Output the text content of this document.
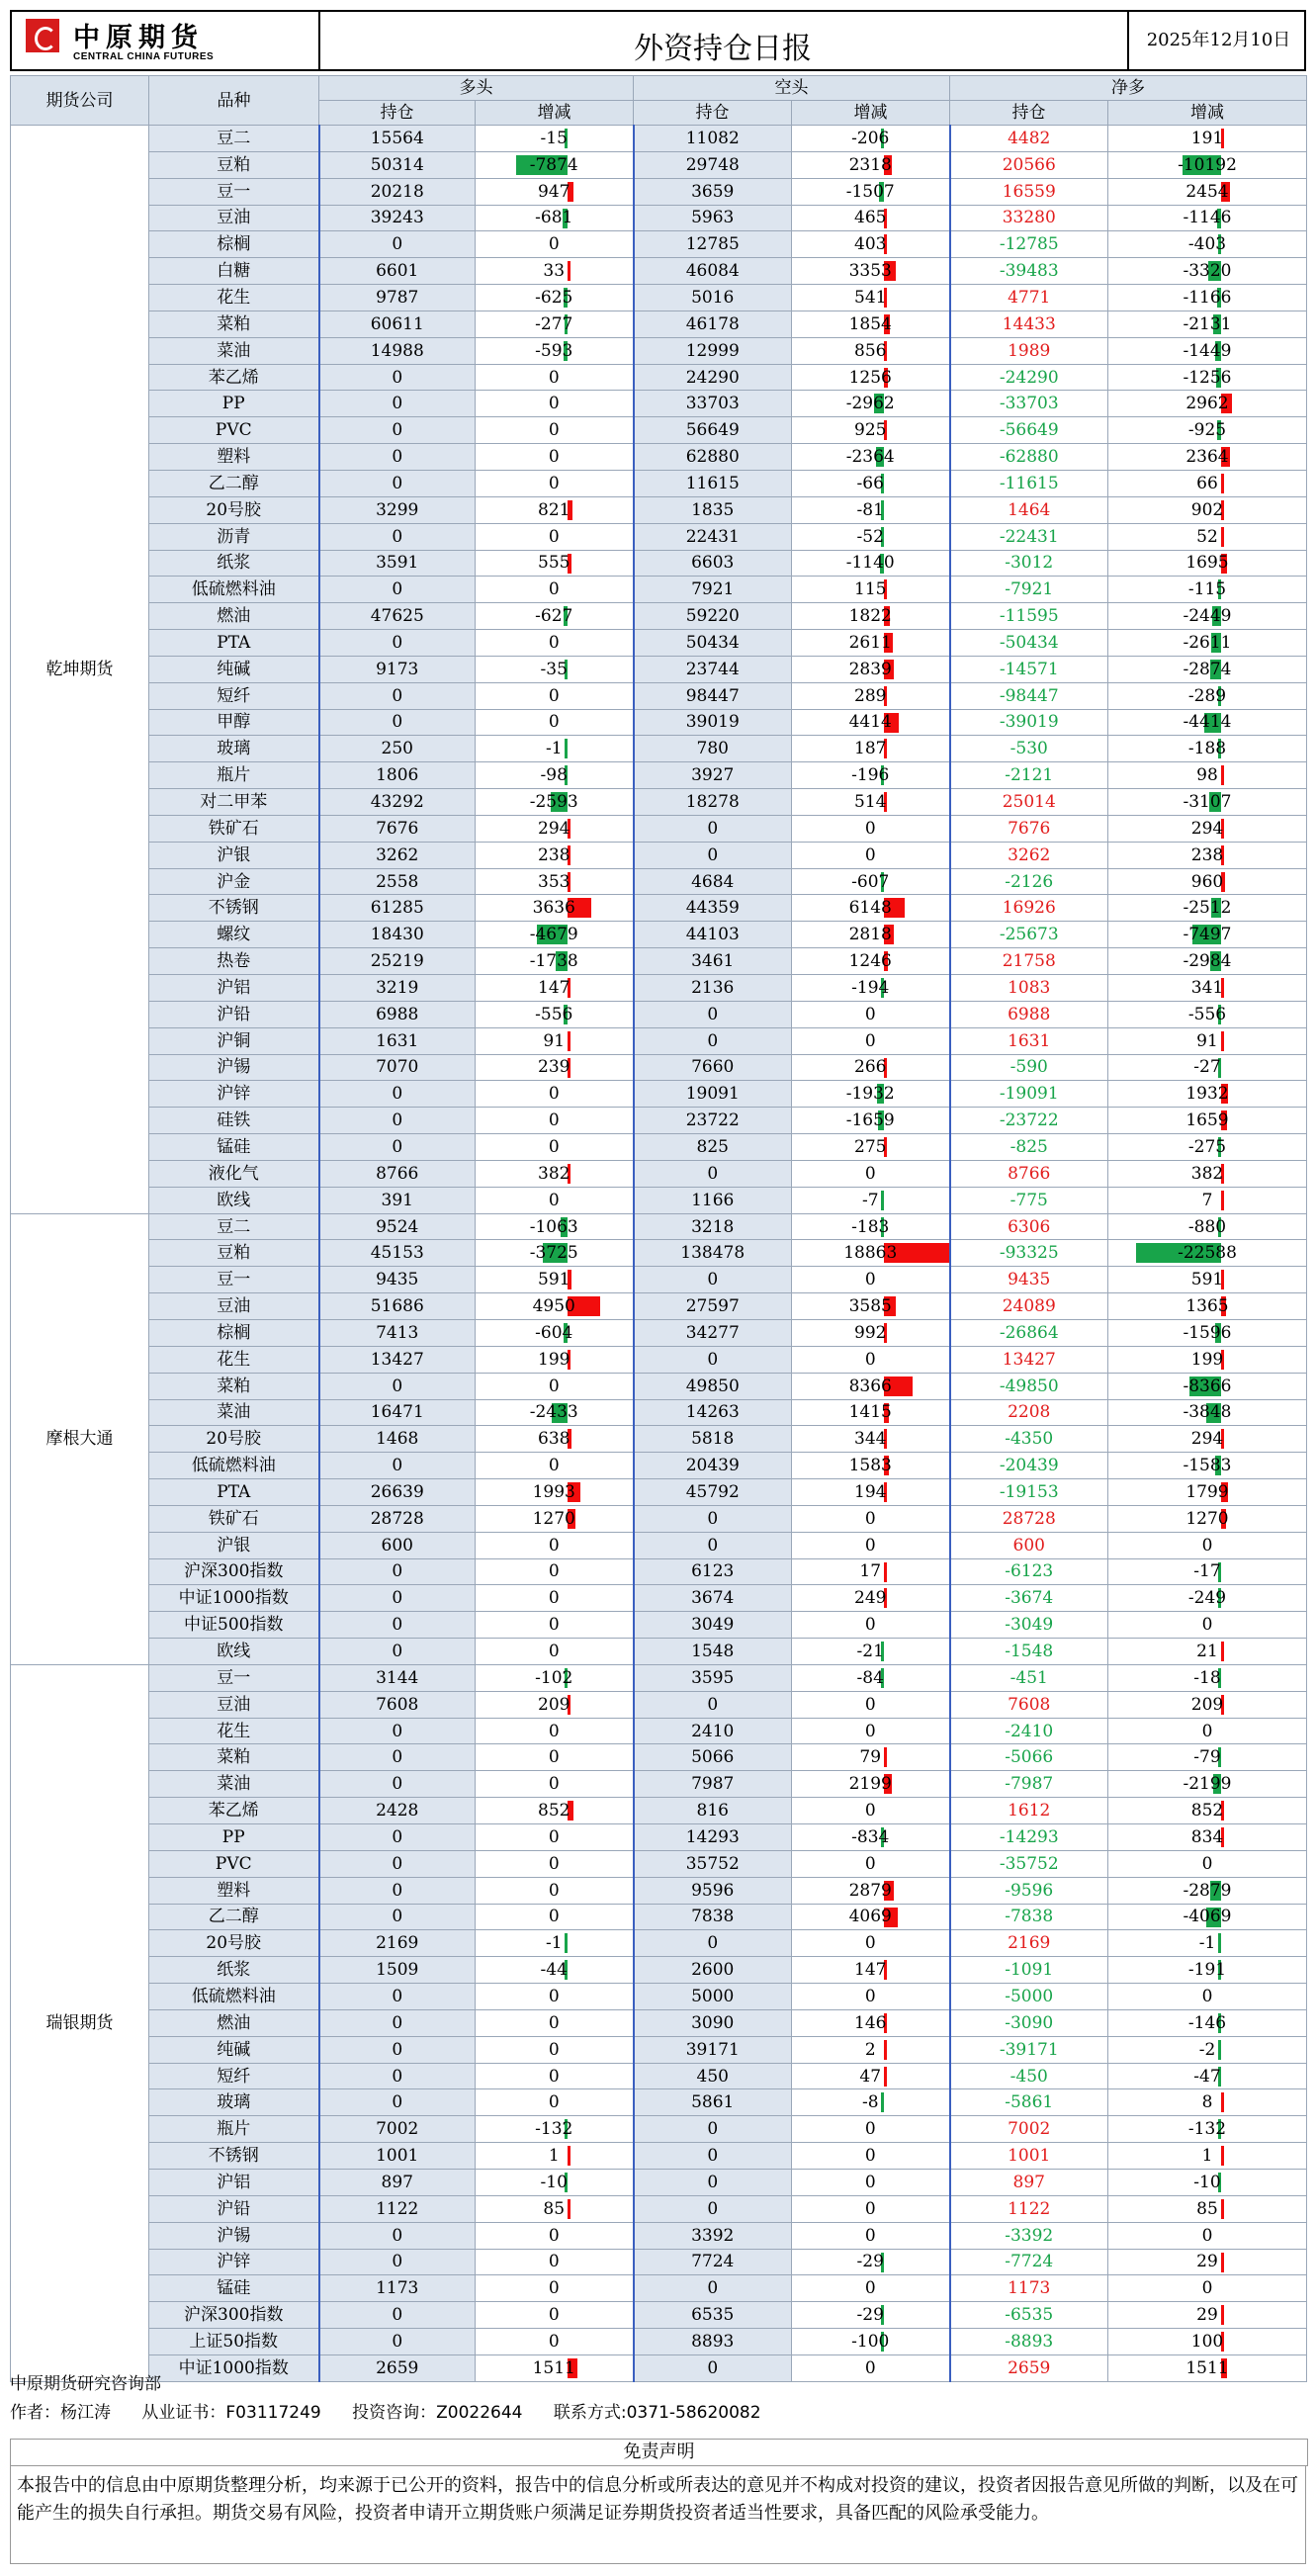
中原期货
CENTRAL CHINA FUTURES	外资持仓日报	2025年12月10日
期货公司	品种	多头		空头		净多	
		持仓	增减	持仓	增减	持仓	增减
乾坤期货	豆二	15564	-15	11082	-206	4482	191
	豆粕	50314	-7874	29748	2318	20566	-10192
	豆一	20218	947	3659	-1507	16559	2454
	豆油	39243	-681	5963	465	33280	-1146
	棕榈	0	0	12785	403	-12785	-403
	白糖	6601	33	46084	3353	-39483	-3320
	花生	9787	-625	5016	541	4771	-1166
	菜粕	60611	-277	46178	1854	14433	-2131
	菜油	14988	-593	12999	856	1989	-1449
	苯乙烯	0	0	24290	1256	-24290	-1256
	PP	0	0	33703	-2962	-33703	2962
	PVC	0	0	56649	925	-56649	-925
	塑料	0	0	62880	-2364	-62880	2364
	乙二醇	0	0	11615	-66	-11615	66
	20号胶	3299	821	1835	-81	1464	902
	沥青	0	0	22431	-52	-22431	52
	纸浆	3591	555	6603	-1140	-3012	1695
	低硫燃料油	0	0	7921	115	-7921	-115
	燃油	47625	-627	59220	1822	-11595	-2449
	PTA	0	0	50434	2611	-50434	-2611
	纯碱	9173	-35	23744	2839	-14571	-2874
	短纤	0	0	98447	289	-98447	-289
	甲醇	0	0	39019	4414	-39019	-4414
	玻璃	250	-1	780	187	-530	-188
	瓶片	1806	-98	3927	-196	-2121	98
	对二甲苯	43292	-2593	18278	514	25014	-3107
	铁矿石	7676	294	0	0	7676	294
	沪银	3262	238	0	0	3262	238
	沪金	2558	353	4684	-607	-2126	960
	不锈钢	61285	3636	44359	6148	16926	-2512
	螺纹	18430	-4679	44103	2818	-25673	-7497
	热卷	25219	-1738	3461	1246	21758	-2984
	沪铝	3219	147	2136	-194	1083	341
	沪铅	6988	-556	0	0	6988	-556
	沪铜	1631	91	0	0	1631	91
	沪锡	7070	239	7660	266	-590	-27
	沪锌	0	0	19091	-1932	-19091	1932
	硅铁	0	0	23722	-1659	-23722	1659
	锰硅	0	0	825	275	-825	-275
	液化气	8766	382	0	0	8766	382
	欧线	391	0	1166	-7	-775	7
摩根大通	豆二	9524	-1063	3218	-183	6306	-880
	豆粕	45153	-3725	138478	18863	-93325	-22588
	豆一	9435	591	0	0	9435	591
	豆油	51686	4950	27597	3585	24089	1365
	棕榈	7413	-604	34277	992	-26864	-1596
	花生	13427	199	0	0	13427	199
	菜粕	0	0	49850	8366	-49850	-8366
	菜油	16471	-2433	14263	1415	2208	-3848
	20号胶	1468	638	5818	344	-4350	294
	低硫燃料油	0	0	20439	1583	-20439	-1583
	PTA	26639	1993	45792	194	-19153	1799
	铁矿石	28728	1270	0	0	28728	1270
	沪银	600	0	0	0	600	0
	沪深300指数	0	0	6123	17	-6123	-17
	中证1000指数	0	0	3674	249	-3674	-249
	中证500指数	0	0	3049	0	-3049	0
	欧线	0	0	1548	-21	-1548	21
瑞银期货	豆一	3144	-102	3595	-84	-451	-18
	豆油	7608	209	0	0	7608	209
	花生	0	0	2410	0	-2410	0
	菜粕	0	0	5066	79	-5066	-79
	菜油	0	0	7987	2199	-7987	-2199
	苯乙烯	2428	852	816	0	1612	852
	PP	0	0	14293	-834	-14293	834
	PVC	0	0	35752	0	-35752	0
	塑料	0	0	9596	2879	-9596	-2879
	乙二醇	0	0	7838	4069	-7838	-4069
	20号胶	2169	-1	0	0	2169	-1
	纸浆	1509	-44	2600	147	-1091	-191
	低硫燃料油	0	0	5000	0	-5000	0
	燃油	0	0	3090	146	-3090	-146
	纯碱	0	0	39171	2	-39171	-2
	短纤	0	0	450	47	-450	-47
	玻璃	0	0	5861	-8	-5861	8
	瓶片	7002	-132	0	0	7002	-132
	不锈钢	1001	1	0	0	1001	1
	沪铝	897	-10	0	0	897	-10
	沪铅	1122	85	0	0	1122	85
	沪锡	0	0	3392	0	-3392	0
	沪锌	0	0	7724	-29	-7724	29
	锰硅	1173	0	0	0	1173	0
	沪深300指数	0	0	6535	-29	-6535	29
	上证50指数	0	0	8893	-100	-8893	100
	中证1000指数	2659	1511	0	0	2659	1511
中原期货研究咨询部
作者：杨江涛 从业证书：F03117249 投资咨询：Z0022644 联系方式:0371-58620082
免责声明
本报告中的信息由中原期货整理分析，均来源于已公开的资料，报告中的信息分析或所表达的意见并不构成对投资的建议，投资者因报告意见所做的判断，以及在可能产生的损失自行承担。期货交易有风险，投资者申请开立期货账户须满足证券期货投资者适当性要求，具备匹配的风险承受能力。
